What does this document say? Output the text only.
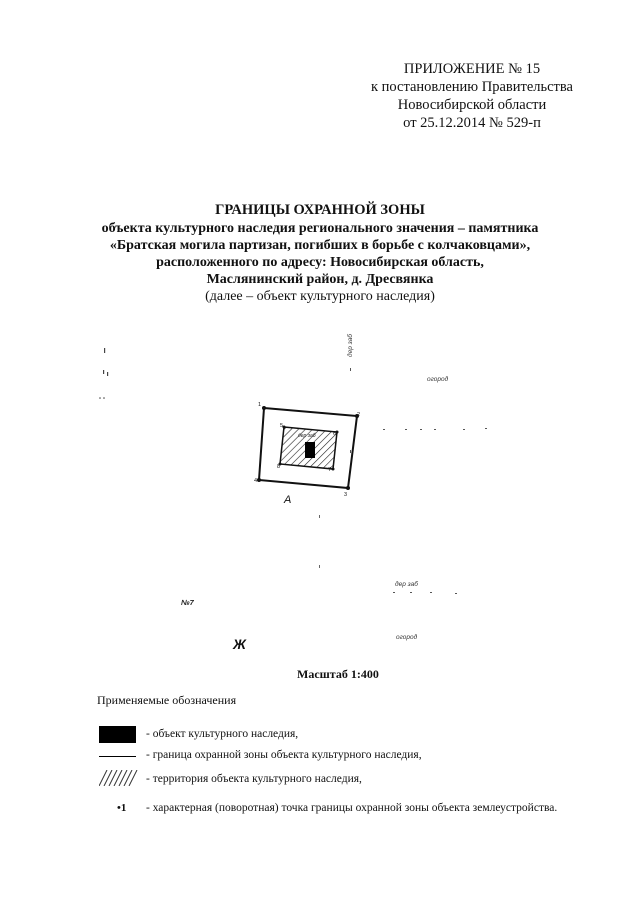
ПРИЛОЖЕНИЕ № 15
к постановлению Правительства
Новосибирской области
от 25.12.2014 № 529-п
ГРАНИЦЫ ОХРАННОЙ ЗОНЫ
объекта культурного наследия регионального значения – памятника
«Братская могила партизан, погибших в борьбе с колчаковцами»,
расположенного по адресу: Новосибирская область,
Маслянинский район, д. Дресвянка
(далее – объект культурного наследия)
дер заб
огород
дер заб
1
2
3
4
5
6
7
8
А
дер заб
№7
Ж	огород
Масштаб 1:400
Применяемые обозначения
- объект культурного наследия,
- граница охранной зоны объекта культурного наследия,
- территория объекта культурного наследия,
•1 - характерная (поворотная) точка границы охранной зоны объекта землеустройства.
